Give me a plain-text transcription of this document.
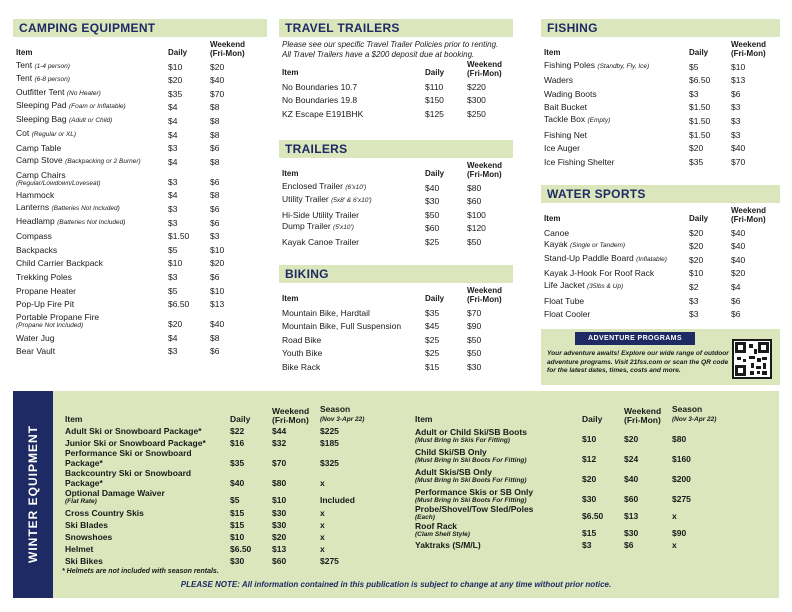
CAMPING EQUIPMENT
Item	Daily	Weekend
(Fri-Mon)
Tent (1-4 person)	$10	$20
Tent (6-8 person)	$20	$40
Outfitter Tent (No Heater)	$35	$70
Sleeping Pad (Foam or Inflatable)	$4	$8
Sleeping Bag (Adult or Child)	$4	$8
Cot (Regular or XL)	$4	$8
Camp Table	$3	$6
Camp Stove (Backpacking or 2 Burner)	$4	$8
Camp Chairs
(Regular/Lowdown/Loveseat)	$3	$6
Hammock	$4	$8
Lanterns (Batteries Not Included)	$3	$6
Headlamp (Batteries Not Included)	$3	$6
Compass	$1.50	$3
Backpacks	$5	$10
Child Carrier Backpack	$10	$20
Trekking Poles	$3	$6
Propane Heater	$5	$10
Pop-Up Fire Pit	$6.50	$13
Portable Propane Fire
(Propane Not Included)	$20	$40
Water Jug	$4	$8
Bear Vault	$3	$6
TRAVEL TRAILERS
Please see our specific Travel Trailer Policies prior to renting.
All Travel Trailers have a $200 deposit due at booking.
Item	Daily	Weekend
(Fri-Mon)
No Boundaries 10.7	$110	$220
No Boundaries 19.8	$150	$300
KZ Escape E191BHK	$125	$250
TRAILERS
Item	Daily	Weekend
(Fri-Mon)
Enclosed Trailer (6'x10')	$40	$80
Utility Trailer (5x8' & 6'x10')	$30	$60
Hi-Side Utility Trailer	$50	$100
Dump Trailer (5'x10')	$60	$120
Kayak Canoe Trailer	$25	$50
BIKING
Item	Daily	Weekend
(Fri-Mon)
Mountain Bike, Hardtail	$35	$70
Mountain Bike, Full Suspension	$45	$90
Road Bike	$25	$50
Youth Bike	$25	$50
Bike Rack	$15	$30
FISHING
Item	Daily	Weekend
(Fri-Mon)
Fishing Poles (Standby, Fly, Ice)	$5	$10
Waders	$6.50	$13
Wading Boots	$3	$6
Bait Bucket	$1.50	$3
Tackle Box (Empty)	$1.50	$3
Fishing Net	$1.50	$3
Ice Auger	$20	$40
Ice Fishing Shelter	$35	$70
WATER SPORTS
Item	Daily	Weekend
(Fri-Mon)
Canoe	$20	$40
Kayak (Single or Tandem)	$20	$40
Stand-Up Paddle Board (Inflatable)	$20	$40
Kayak J-Hook For Roof Rack	$10	$20
Life Jacket (35lbs & Up)	$2	$4
Float Tube	$3	$6
Float Cooler	$3	$6
ADVENTURE PROGRAMS
Your adventure awaits! Explore our wide range of outdoor adventure programs. Visit 21fss.com or scan the QR code for the latest dates, times, costs and more.
WINTER EQUIPMENT
Item	Daily	Weekend
(Fri-Mon)	Season
(Nov 3-Apr 22)
Adult Ski or Snowboard Package*	$22	$44	$225
Junior Ski or Snowboard Package*	$16	$32	$185
Performance Ski or Snowboard Package*	$35	$70	$325
Backcountry Ski or Snowboard Package*	$40	$80	x
Optional Damage Waiver
(Flat Rate)	$5	$10	Included
Cross Country Skis	$15	$30	x
Ski Blades	$15	$30	x
Snowshoes	$10	$20	x
Helmet	$6.50	$13	x
Ski Bikes	$30	$60	$275
* Helmets are not included with season rentals.
Item	Daily	Weekend
(Fri-Mon)	Season
(Nov 3-Apr 22)
Adult or Child Ski/SB Boots
(Must Bring In Skis For Fitting)	$10	$20	$80
Child Ski/SB Only
(Must Bring In Ski Boots For Fitting)	$12	$24	$160
Adult Skis/SB Only
(Must Bring In Ski Boots For Fitting)	$20	$40	$200
Performance Skis or SB Only
(Must Bring In Ski Boots For Fitting)	$30	$60	$275
Probe/Shovel/Tow Sled/Poles
(Each)	$6.50	$13	x
Roof Rack
(Clam Shell Style)	$15	$30	$90
Yaktraks (S/M/L)	$3	$6	x
PLEASE NOTE: All information contained in this publication is subject to change at any time without prior notice.
